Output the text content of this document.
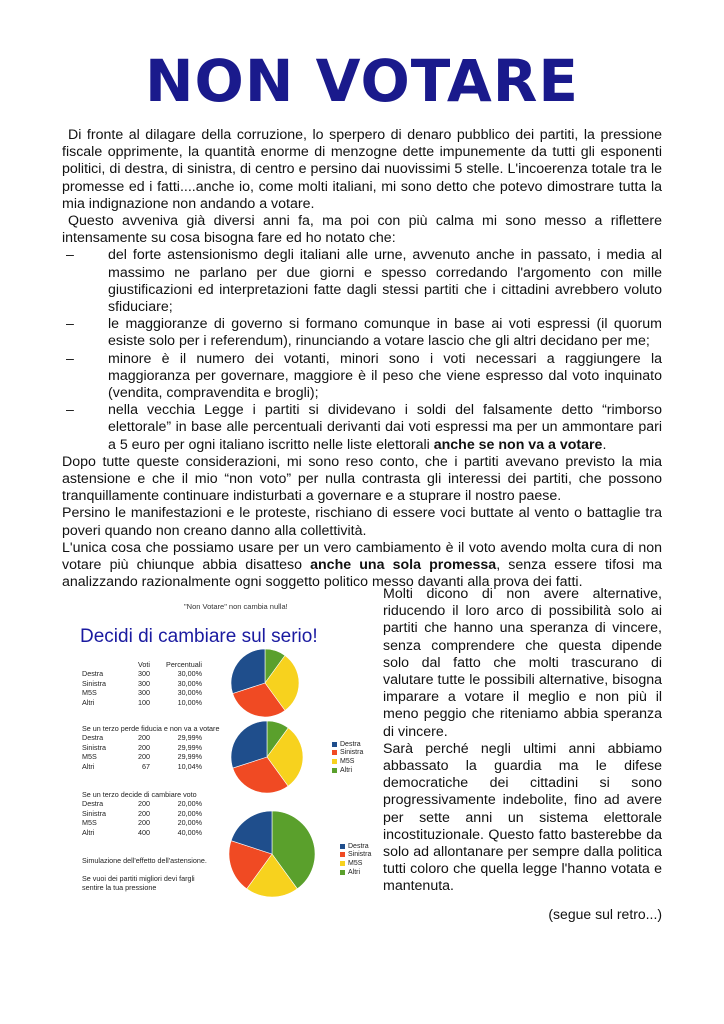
NON VOTARE

Di fronte al dilagare della corruzione, lo sperpero di denaro pubblico dei partiti, la pressione fiscale opprimente, la quantità enorme di menzogne dette impunemente da tutti gli esponenti politici, di destra, di sinistra, di centro e persino dai nuovissimi 5 stelle. L'incoerenza totale tra le promesse ed i fatti....anche io, come molti italiani, mi sono detto che potevo dimostrare tutta la mia indignazione non andando a votare.

Questo avveniva già diversi anni fa, ma poi con più calma mi sono messo a riflettere intensamente su cosa bisogna fare ed ho notato che:

–	del forte astensionismo degli italiani alle urne, avvenuto anche in passato, i media al massimo ne parlano per due giorni e spesso corredando l'argomento con mille giustificazioni ed interpretazioni fatte dagli stessi partiti che i cittadini avrebbero voluto sfiduciare;
–	le maggioranze di governo si formano comunque in base ai voti espressi (il quorum esiste solo per i referendum), rinunciando a votare lascio che gli altri decidano per me;
–	minore è il numero dei votanti, minori sono i voti necessari a raggiungere la maggioranza per governare, maggiore è il peso che viene espresso dal voto inquinato (vendita, compravendita e brogli);
–	nella vecchia Legge i partiti si dividevano i soldi del falsamente detto “rimborso elettorale” in base alle percentuali derivanti dai voti espressi ma per un ammontare pari a 5 euro per ogni italiano iscritto nelle liste elettorali anche se non va a votare.

Dopo tutte queste considerazioni, mi sono reso conto, che i partiti avevano previsto la mia astensione e che il mio “non voto” per nulla contrasta gli interessi dei partiti, che possono tranquillamente continuare indisturbati a governare e a stuprare il nostro paese.

Persino le manifestazioni e le proteste, rischiano di essere voci buttate al vento o battaglie tra poveri quando non creano danno alla collettività.

L'unica cosa che possiamo usare per un vero cambiamento è il voto avendo molta cura di non votare più chiunque abbia disatteso anche una sola promessa, senza essere tifosi ma analizzando razionalmente ogni soggetto politico messo davanti alla prova dei fatti.

"Non Votare" non cambia nulla!
Decidi di cambiare sul serio!
Voti	Percentuali
Destra	300	30,00%
Sinistra	300	30,00%
M5S	300	30,00%
Altri	100	10,00%
Se un terzo perde fiducia e non va a votare
Destra	200	29,99%
Sinistra	200	29,99%
M5S	200	29,99%
Altri	67	10,04%
Se un terzo decide di cambiare voto
Destra	200	20,00%
Sinistra	200	20,00%
M5S	200	20,00%
Altri	400	40,00%
Simulazione dell'effetto dell'astensione.
Se vuoi dei partiti migliori devi fargli
sentire la tua pressione
Destra
Sinistra
M5S
Altri
Destra
Sinistra
M5S
Altri

Molti dicono di non avere alternative, riducendo il loro arco di possibilità solo ai partiti che hanno una speranza di vincere, senza comprendere che questa dipende solo dal fatto che molti trascurano di valutare tutte le possibili alternative, bisogna imparare a votare il meglio e non più il meno peggio che riteniamo abbia speranza di vincere.

Sarà perché negli ultimi anni abbiamo abbassato la guardia ma le difese democratiche dei cittadini si sono progressivamente indebolite, fino ad avere per sette anni un sistema elettorale incostituzionale. Questo fatto basterebbe da solo ad allontanare per sempre dalla politica tutti coloro che quella legge l'hanno votata e mantenuta.

(segue sul retro...)
